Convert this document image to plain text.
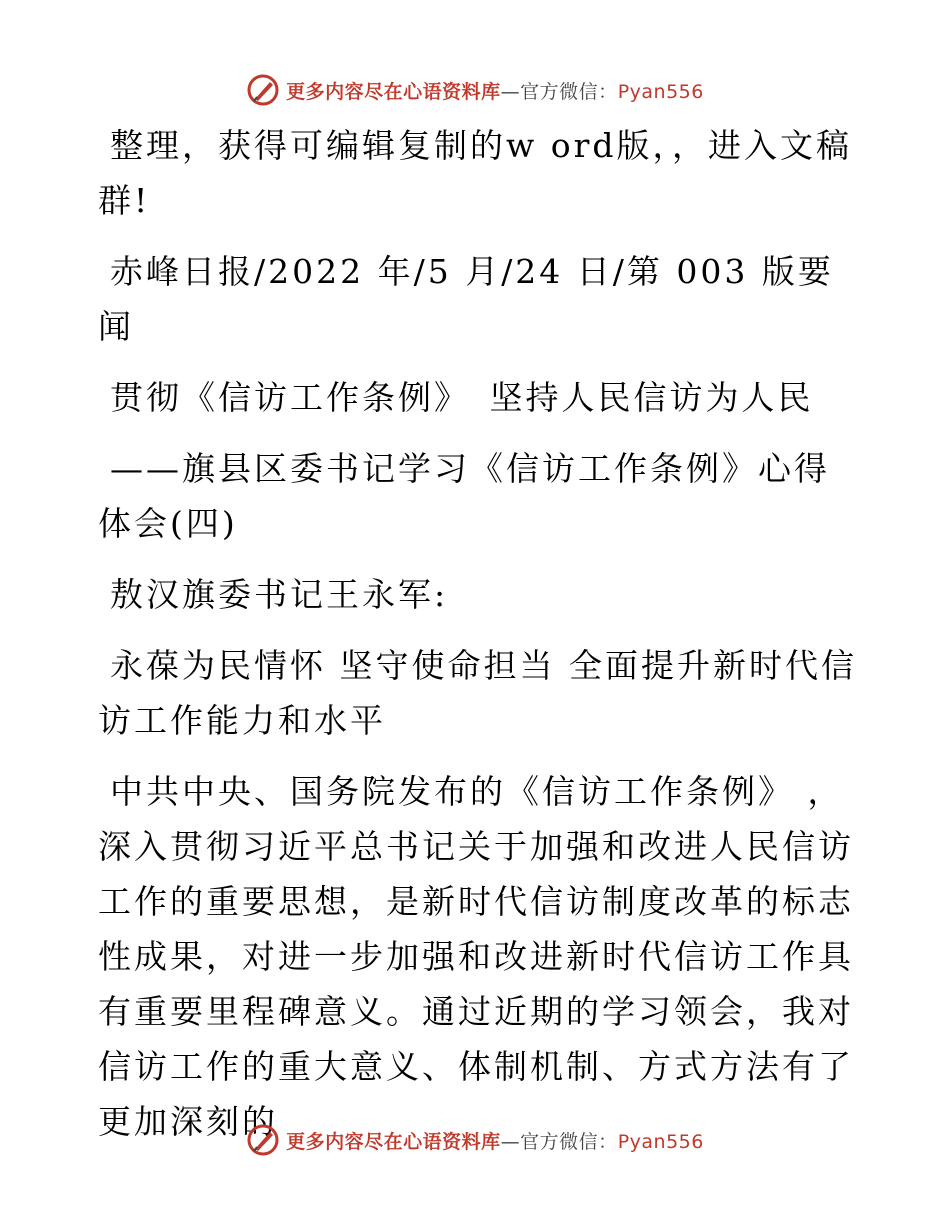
更多内容尽在心语资料库—官方微信：Pyan556

整理，获得可编辑复制的w ord版，，进入文稿群!

赤峰日报/2022 年/5 月/24 日/第 003 版要闻

贯彻《信访工作条例》　坚持人民信访为人民

——旗县区委书记学习《信访工作条例》心得体会(四)

敖汉旗委书记王永军:

永葆为民情怀 坚守使命担当 全面提升新时代信访工作能力和水平

中共中央、国务院发布的《信访工作条例》 ，深入贯彻习近平总书记关于加强和改进人民信访工作的重要思想，是新时代信访制度改革的标志性成果，对进一步加强和改进新时代信访工作具有重要里程碑意义。通过近期的学习领会，我对信访工作的重大意义、体制机制、方式方法有了更加深刻的

更多内容尽在心语资料库—官方微信：Pyan556
